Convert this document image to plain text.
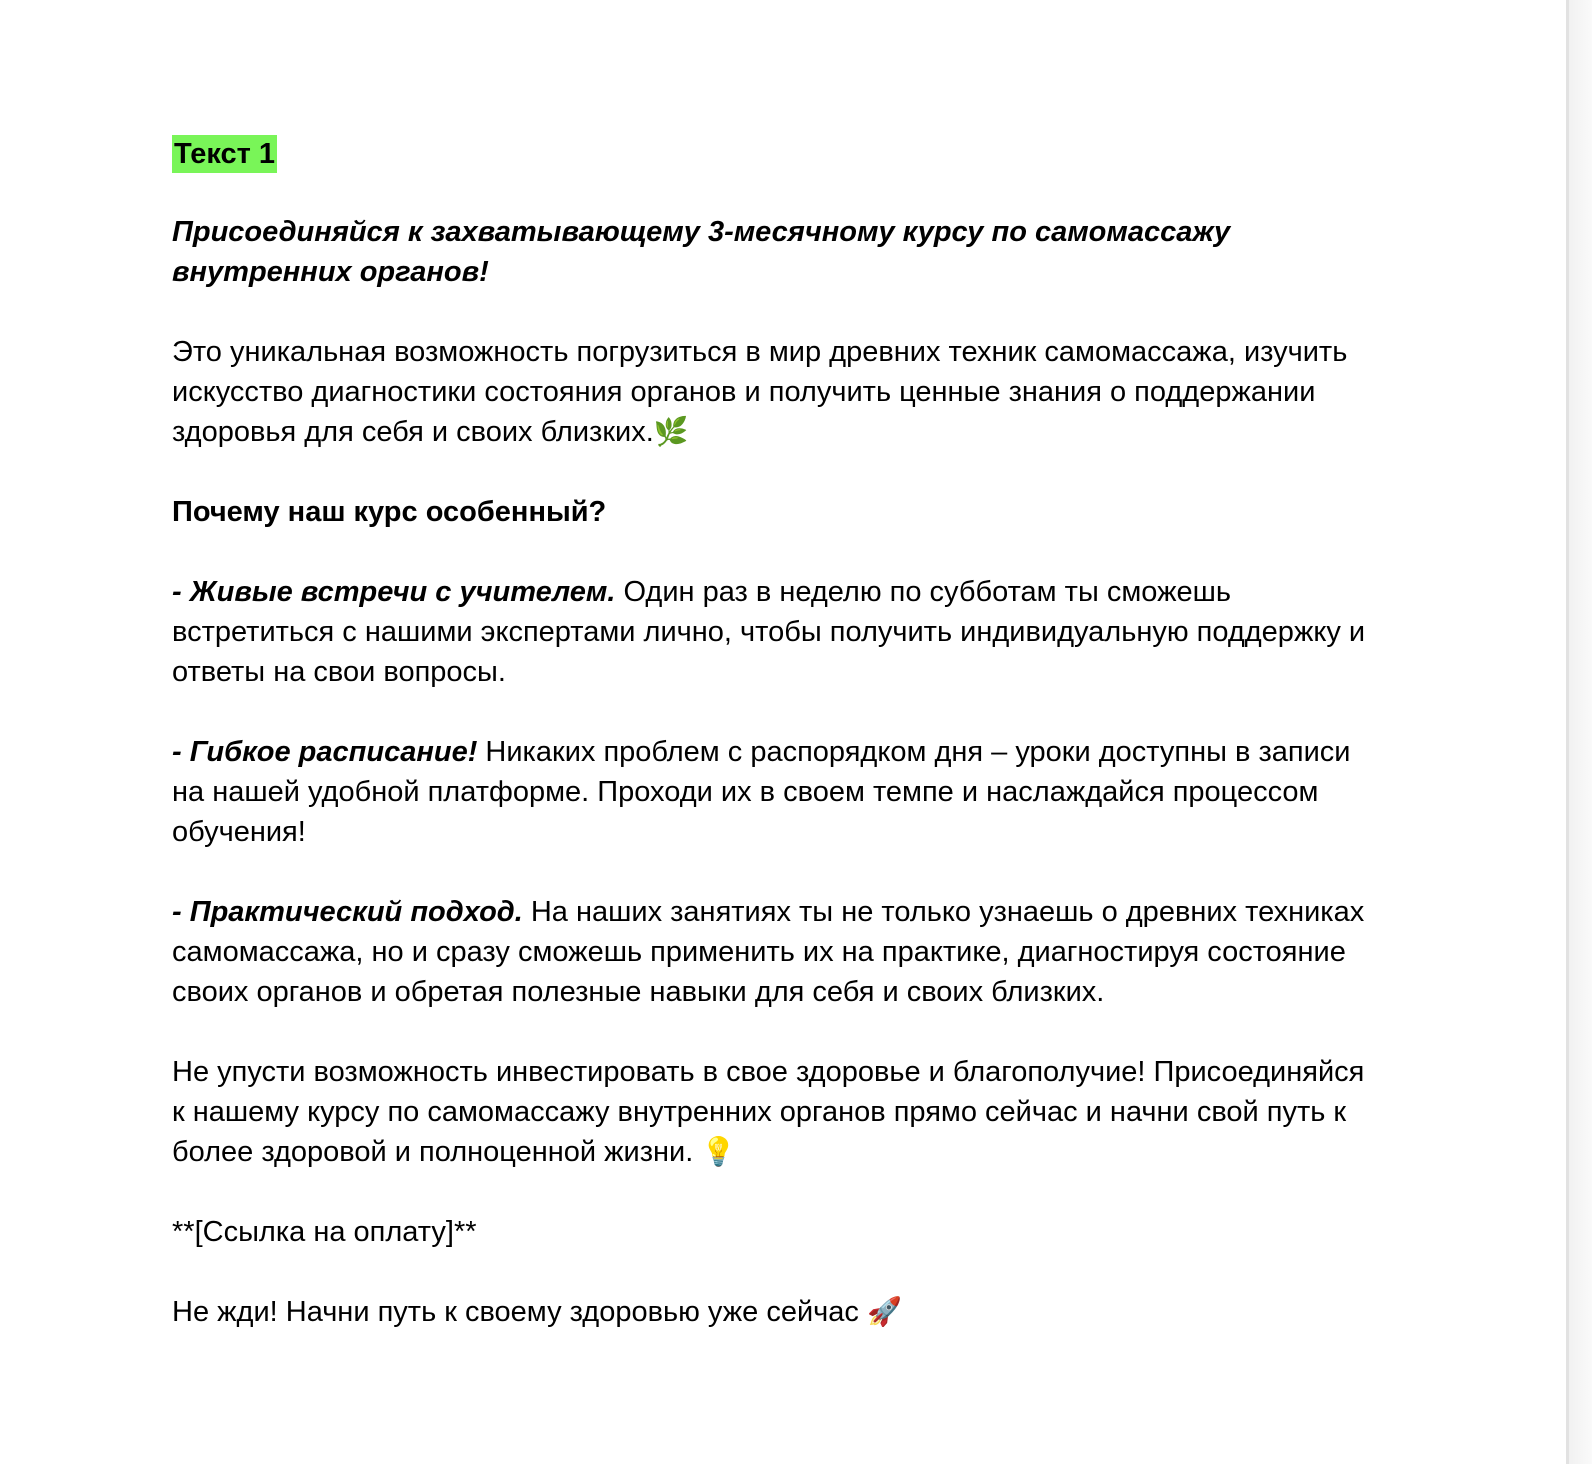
Текст 1

Присоединяйся к захватывающему 3-месячному курсу по самомассажу внутренних органов!

Это уникальная возможность погрузиться в мир древних техник самомассажа, изучить искусство диагностики состояния органов и получить ценные знания о поддержании здоровья для себя и своих близких.🌿

Почему наш курс особенный?

- Живые встречи с учителем. Один раз в неделю по субботам ты сможешь встретиться с нашими экспертами лично, чтобы получить индивидуальную поддержку и ответы на свои вопросы.

- Гибкое расписание! Никаких проблем с распорядком дня – уроки доступны в записи на нашей удобной платформе. Проходи их в своем темпе и наслаждайся процессом обучения!

- Практический подход. На наших занятиях ты не только узнаешь о древних техниках самомассажа, но и сразу сможешь применить их на практике, диагностируя состояние своих органов и обретая полезные навыки для себя и своих близких.

Не упусти возможность инвестировать в свое здоровье и благополучие! Присоединяйся к нашему курсу по самомассажу внутренних органов прямо сейчас и начни свой путь к более здоровой и полноценной жизни. 💡

**[Ссылка на оплату]**

Не жди! Начни путь к своему здоровью уже сейчас 🚀
